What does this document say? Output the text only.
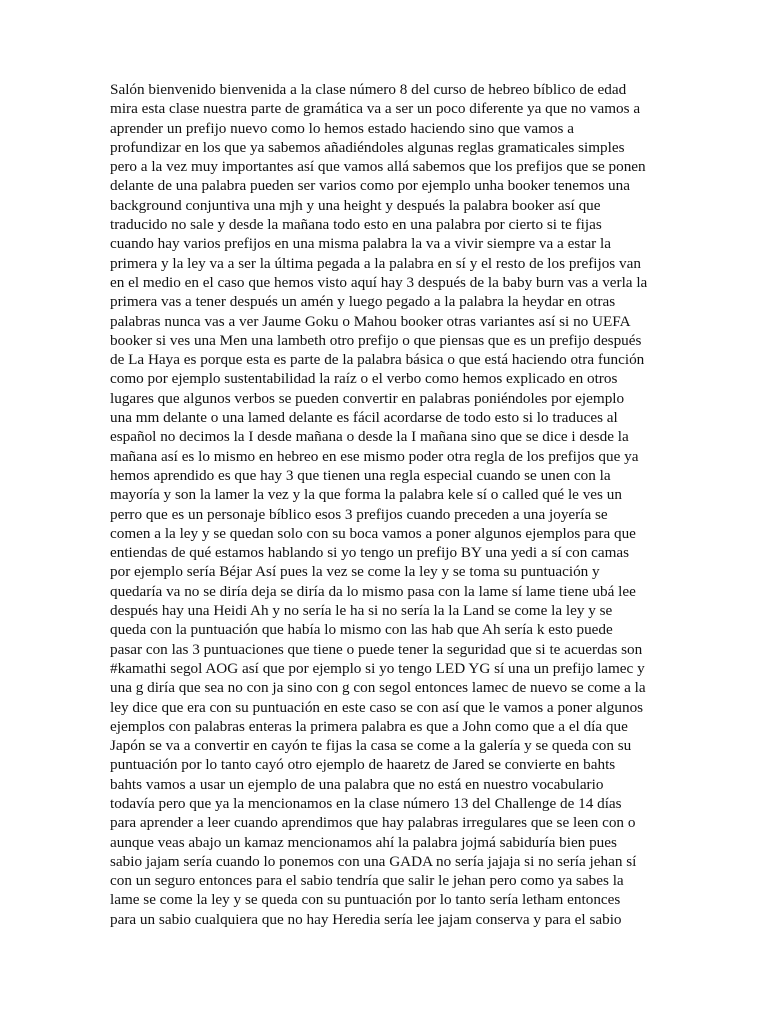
Salón bienvenido bienvenida a la clase número 8 del curso de hebreo bíblico de edad
mira esta clase nuestra parte de gramática va a ser un poco diferente ya que no vamos a
aprender un prefijo nuevo como lo hemos estado haciendo sino que vamos a
profundizar en los que ya sabemos añadiéndoles algunas reglas gramaticales simples
pero a la vez muy importantes así que vamos allá sabemos que los prefijos que se ponen
delante de una palabra pueden ser varios como por ejemplo unha booker tenemos una
background conjuntiva una mjh y una height y después la palabra booker así que
traducido no sale y desde la mañana todo esto en una palabra por cierto si te fijas
cuando hay varios prefijos en una misma palabra la va a vivir siempre va a estar la
primera y la ley va a ser la última pegada a la palabra en sí y el resto de los prefijos van
en el medio en el caso que hemos visto aquí hay 3 después de la baby burn vas a verla la
primera vas a tener después un amén y luego pegado a la palabra la heydar en otras
palabras nunca vas a ver Jaume Goku o Mahou booker otras variantes así si no UEFA
booker si ves una Men una lambeth otro prefijo o que piensas que es un prefijo después
de La Haya es porque esta es parte de la palabra básica o que está haciendo otra función
como por ejemplo sustentabilidad la raíz o el verbo como hemos explicado en otros
lugares que algunos verbos se pueden convertir en palabras poniéndoles por ejemplo
una mm delante o una lamed delante es fácil acordarse de todo esto si lo traduces al
español no decimos la I desde mañana o desde la I mañana sino que se dice i desde la
mañana así es lo mismo en hebreo en ese mismo poder otra regla de los prefijos que ya
hemos aprendido es que hay 3 que tienen una regla especial cuando se unen con la
mayoría y son la lamer la vez y la que forma la palabra kele sí o called qué le ves un
perro que es un personaje bíblico esos 3 prefijos cuando preceden a una joyería se
comen a la ley y se quedan solo con su boca vamos a poner algunos ejemplos para que
entiendas de qué estamos hablando si yo tengo un prefijo BY una yedi a sí con camas
por ejemplo sería Béjar Así pues la vez se come la ley y se toma su puntuación y
quedaría va no se diría deja se diría da lo mismo pasa con la lame sí lame tiene ubá lee
después hay una Heidi Ah y no sería le ha si no sería la la Land se come la ley y se
queda con la puntuación que había lo mismo con las hab que Ah sería k esto puede
pasar con las 3 puntuaciones que tiene o puede tener la seguridad que si te acuerdas son
#kamathi segol AOG así que por ejemplo si yo tengo LED YG sí una un prefijo lamec y
una g diría que sea no con ja sino con g con segol entonces lamec de nuevo se come a la
ley dice que era con su puntuación en este caso se con así que le vamos a poner algunos
ejemplos con palabras enteras la primera palabra es que a John como que a el día que
Japón se va a convertir en cayón te fijas la casa se come a la galería y se queda con su
puntuación por lo tanto cayó otro ejemplo de haaretz de Jared se convierte en bahts
bahts vamos a usar un ejemplo de una palabra que no está en nuestro vocabulario
todavía pero que ya la mencionamos en la clase número 13 del Challenge de 14 días
para aprender a leer cuando aprendimos que hay palabras irregulares que se leen con o
aunque veas abajo un kamaz mencionamos ahí la palabra jojmá sabiduría bien pues
sabio jajam sería cuando lo ponemos con una GADA no sería jajaja si no sería jehan sí
con un seguro entonces para el sabio tendría que salir le jehan pero como ya sabes la
lame se come la ley y se queda con su puntuación por lo tanto sería letham entonces
para un sabio cualquiera que no hay Heredia sería lee jajam conserva y para el sabio
